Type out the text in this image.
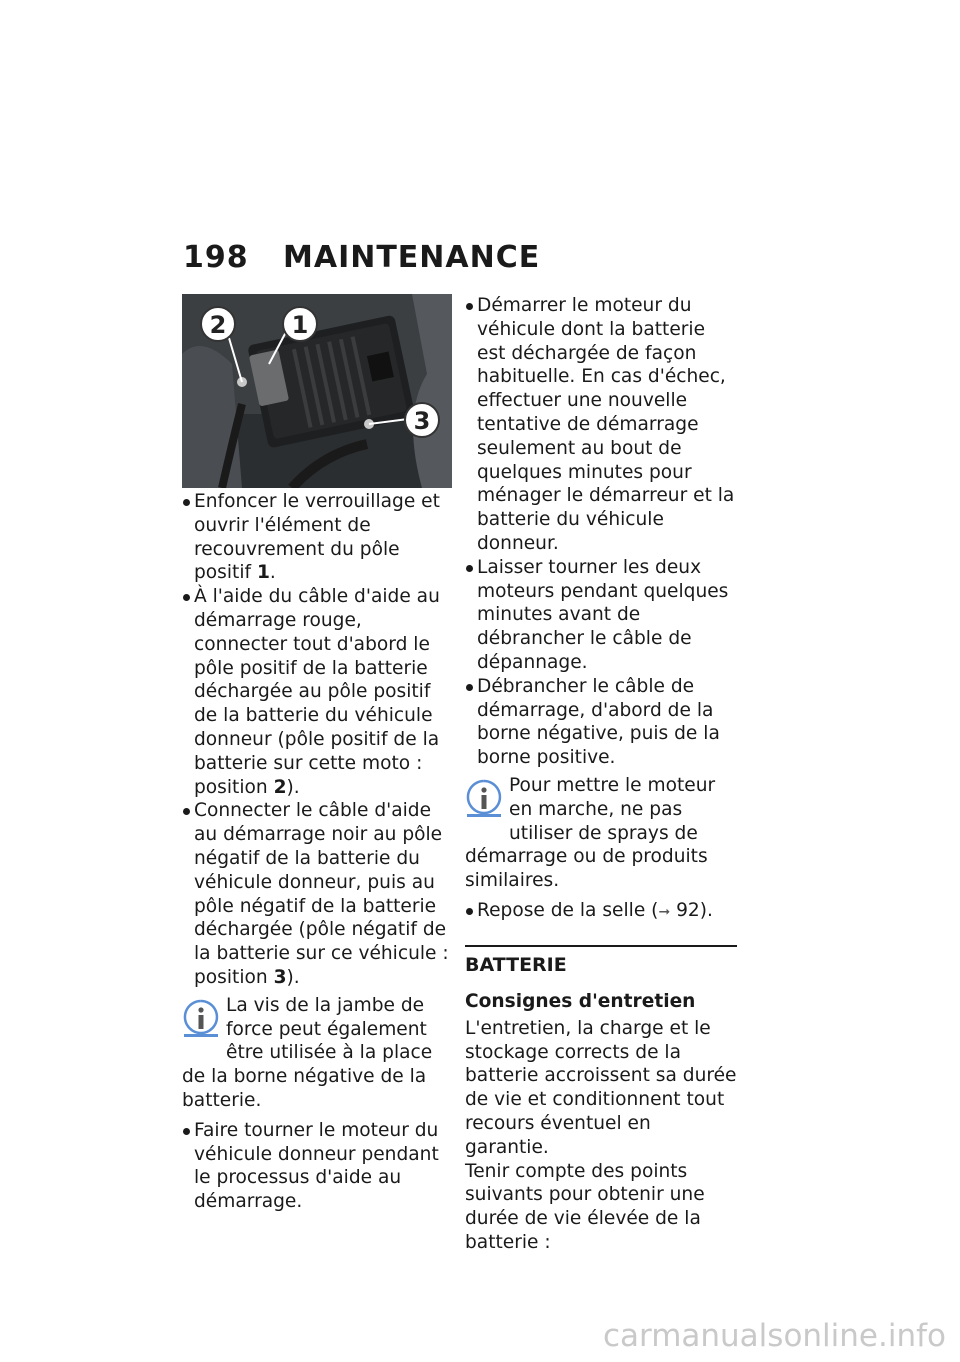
198 MAINTENANCE
2	1
3
Enfoncer le verrouillage et ouvrir l'élément de recouvrement du pôle positif 1.
À l'aide du câble d'aide au démarrage rouge, connecter tout d'abord le pôle positif de la batterie déchargée au pôle positif de la batterie du véhicule donneur (pôle positif de la batterie sur cette moto : position 2).
Connecter le câble d'aide au démarrage noir au pôle négatif de la batterie du véhicule donneur, puis au pôle négatif de la batterie déchargée (pôle négatif de la batterie sur ce véhicule : position 3).
La vis de la jambe de force peut également être utilisée à la place de la borne négative de la batterie.
Faire tourner le moteur du véhicule donneur pendant le processus d'aide au démarrage.
Démarrer le moteur du véhicule dont la batterie est déchargée de façon habituelle. En cas d'échec, effectuer une nouvelle tentative de démarrage seulement au bout de quelques minutes pour ménager le démarreur et la batterie du véhicule donneur.
Laisser tourner les deux moteurs pendant quelques minutes avant de débrancher le câble de dépannage.
Débrancher le câble de démarrage, d'abord de la borne négative, puis de la borne positive.
Pour mettre le moteur en marche, ne pas utiliser de sprays de démarrage ou de produits similaires.
Repose de la selle (➞ 92).
BATTERIE
Consignes d'entretien

L'entretien, la charge et le stockage corrects de la batterie accroissent sa durée de vie et conditionnent tout recours éventuel en garantie.

Tenir compte des points suivants pour obtenir une durée de vie élevée de la batterie :

carmanualsonline.info
